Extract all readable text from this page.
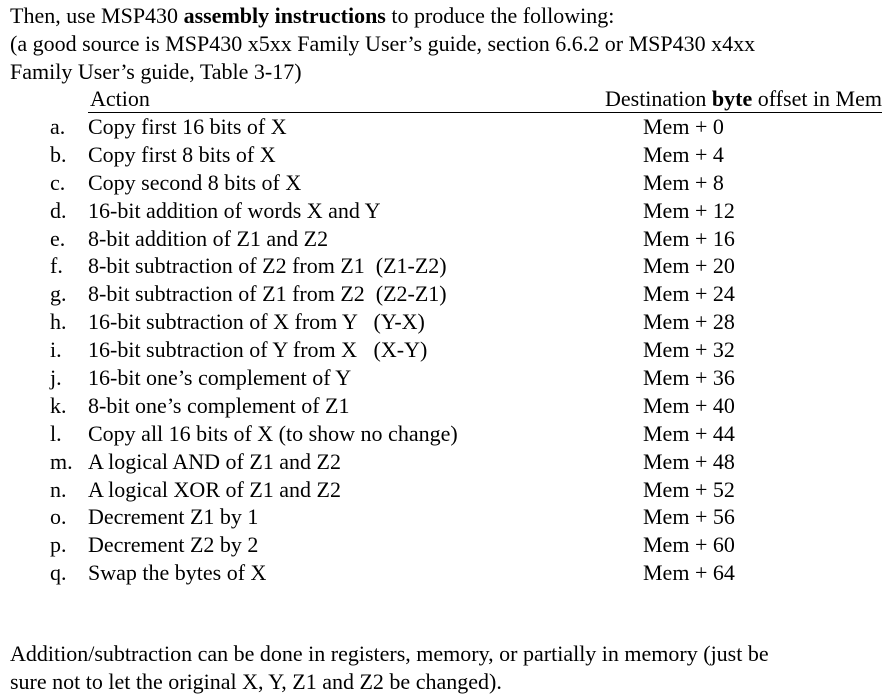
Then, use MSP430 assembly instructions to produce the following:
(a good source is MSP430 x5xx Family User’s guide, section 6.6.2 or MSP430 x4xx
Family User’s guide, Table 3-17)
Action	Destination byte offset in Mem
a. Copy first 16 bits of X	Mem + 0
b. Copy first 8 bits of X	Mem + 4
c. Copy second 8 bits of X	Mem + 8
d. 16-bit addition of words X and Y	Mem + 12
e. 8-bit addition of Z1 and Z2	Mem + 16
f. 8-bit subtraction of Z2 from Z1  (Z1-Z2)	Mem + 20
g. 8-bit subtraction of Z1 from Z2  (Z2-Z1)	Mem + 24
h. 16-bit subtraction of X from Y   (Y-X)	Mem + 28
i. 16-bit subtraction of Y from X   (X-Y)	Mem + 32
j. 16-bit one’s complement of Y	Mem + 36
k. 8-bit one’s complement of Z1	Mem + 40
l. Copy all 16 bits of X (to show no change)	Mem + 44
m. A logical AND of Z1 and Z2	Mem + 48
n. A logical XOR of Z1 and Z2	Mem + 52
o. Decrement Z1 by 1	Mem + 56
p. Decrement Z2 by 2	Mem + 60
q. Swap the bytes of X	Mem + 64
Addition/subtraction can be done in registers, memory, or partially in memory (just be
sure not to let the original X, Y, Z1 and Z2 be changed).
